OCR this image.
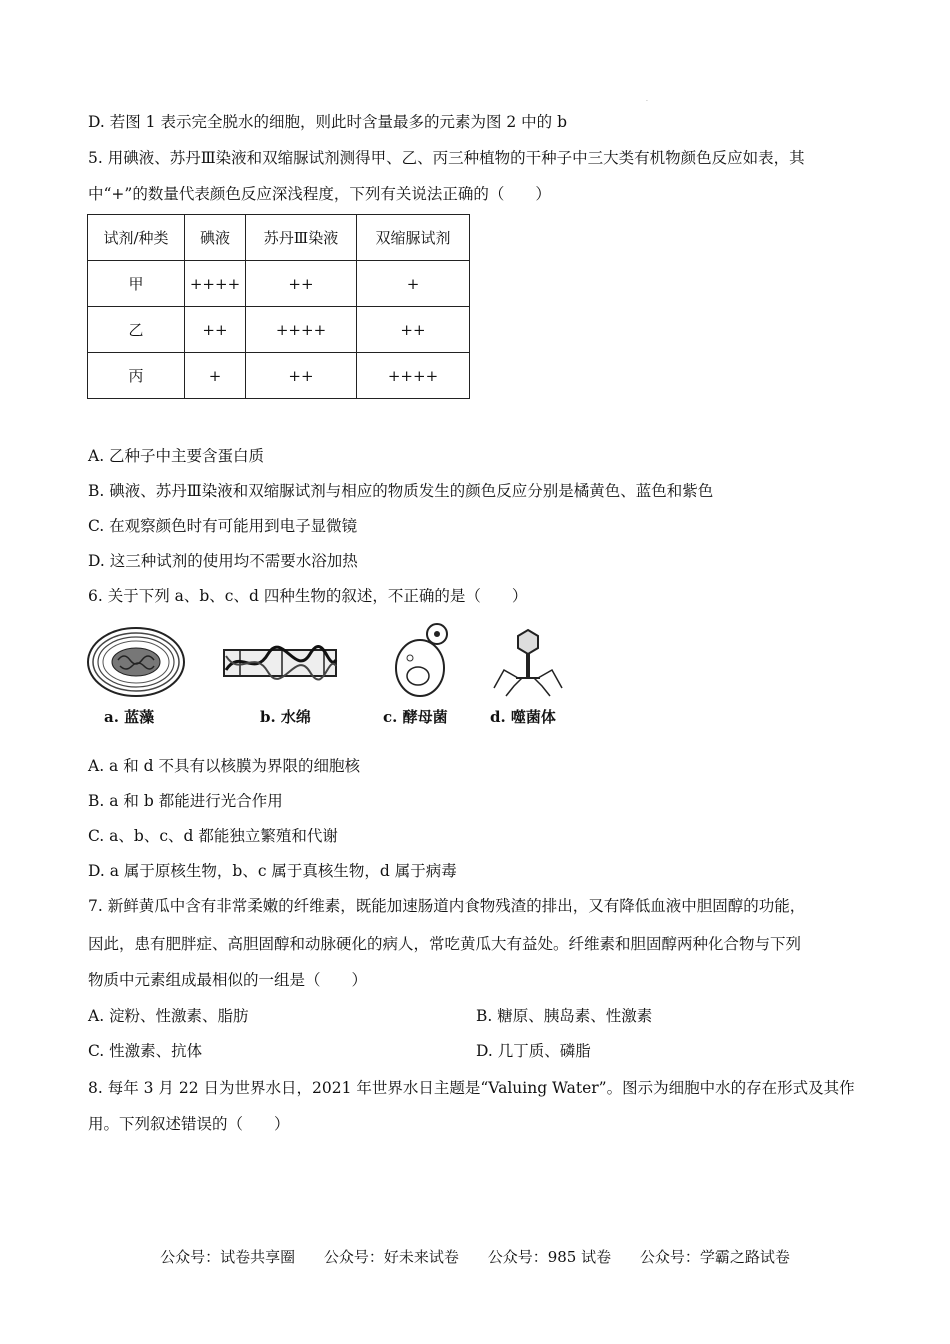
.
D. 若图 1 表示完全脱水的细胞，则此时含量最多的元素为图 2 中的 b
5. 用碘液、苏丹Ⅲ染液和双缩脲试剂测得甲、乙、丙三种植物的干种子中三大类有机物颜色反应如表，其
中“+”的数量代表颜色反应深浅程度，下列有关说法正确的（　　）
试剂/种类	碘液	苏丹Ⅲ染液	双缩脲试剂
甲	++++	++	+
乙	++	++++	++
丙	+	++	++++
A. 乙种子中主要含蛋白质
B. 碘液、苏丹Ⅲ染液和双缩脲试剂与相应的物质发生的颜色反应分别是橘黄色、蓝色和紫色
C. 在观察颜色时有可能用到电子显微镜
D. 这三种试剂的使用均不需要水浴加热
6. 关于下列 a、b、c、d 四种生物的叙述，不正确的是（　　）
a. 蓝藻	b. 水绵	c. 酵母菌	d. 噬菌体
A. a 和 d 不具有以核膜为界限的细胞核
B. a 和 b 都能进行光合作用
C. a、b、c、d 都能独立繁殖和代谢
D. a 属于原核生物，b、c 属于真核生物，d 属于病毒
7. 新鲜黄瓜中含有非常柔嫩的纤维素，既能加速肠道内食物残渣的排出，又有降低血液中胆固醇的功能，
因此，患有肥胖症、高胆固醇和动脉硬化的病人，常吃黄瓜大有益处。纤维素和胆固醇两种化合物与下列
物质中元素组成最相似的一组是（　　）
A. 淀粉、性激素、脂肪	B. 糖原、胰岛素、性激素
C. 性激素、抗体	D. 几丁质、磷脂
8. 每年 3 月 22 日为世界水日，2021 年世界水日主题是“Valuing Water”。图示为细胞中水的存在形式及其作
用。下列叙述错误的（　　）
公众号：试卷共享圈 公众号：好未来试卷 公众号：985 试卷 公众号：学霸之路试卷
